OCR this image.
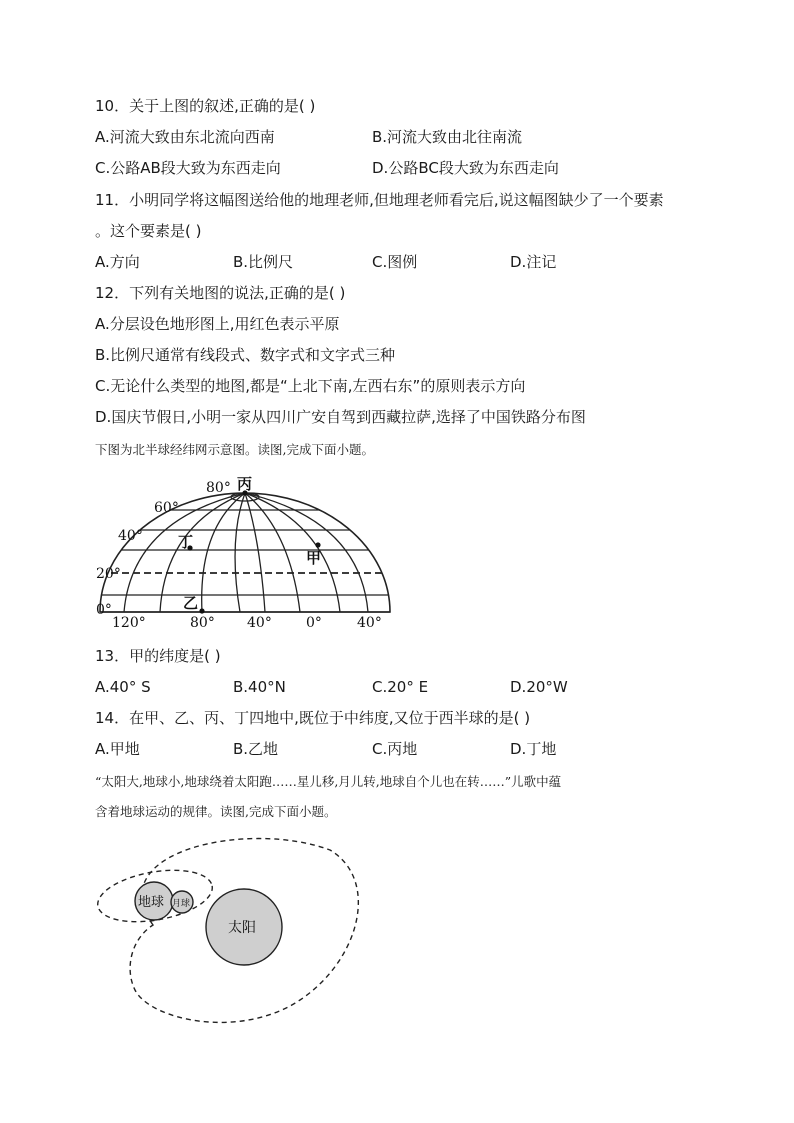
10．关于上图的叙述,正确的是( )
A.河流大致由东北流向西南	B.河流大致由北往南流
C.公路AB段大致为东西走向	D.公路BC段大致为东西走向
11．小明同学将这幅图送给他的地理老师,但地理老师看完后,说这幅图缺少了一个要素
。这个要素是( )
A.方向	B.比例尺	C.图例	D.注记
12．下列有关地图的说法,正确的是( )
A.分层设色地形图上,用红色表示平原
B.比例尺通常有线段式、数字式和文字式三种
C.无论什么类型的地图,都是“上北下南,左西右东”的原则表示方向
D.国庆节假日,小明一家从四川广安自驾到西藏拉萨,选择了中国铁路分布图
下图为北半球经纬网示意图。读图,完成下面小题。
80°
60°
40°
20°
0°
120°	80° 40° 0°	40°
丙
丁
甲
乙
13．甲的纬度是( )
A.40° S	B.40°N	C.20° E	D.20°W
14．在甲、乙、丙、丁四地中,既位于中纬度,又位于西半球的是( )
A.甲地	B.乙地	C.丙地	D.丁地
“太阳大,地球小,地球绕着太阳跑……星儿移,月儿转,地球自个儿也在转……”儿歌中蕴
含着地球运动的规律。读图,完成下面小题。
太阳
地球 月球
